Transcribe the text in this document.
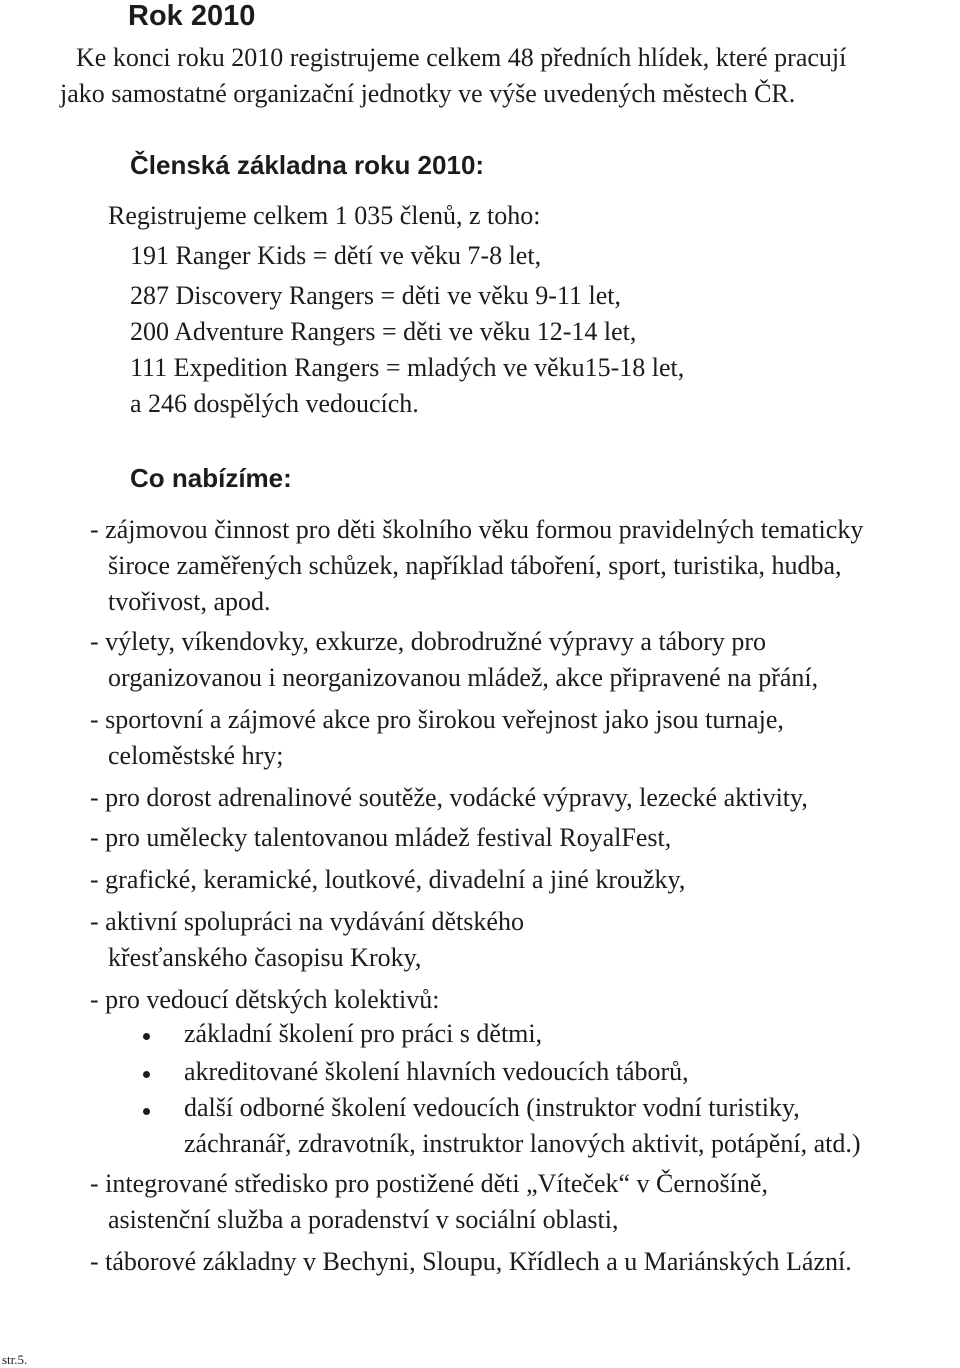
Rok 2010
Ke konci roku 2010 registrujeme celkem 48 předních hlídek, které pracují
jako samostatné organizační jednotky ve výše uvedených městech ČR.
Členská základna roku 2010:
Registrujeme celkem 1 035 členů, z toho:
191 Ranger Kids = dětí ve věku 7-8 let,
287 Discovery Rangers = děti ve věku 9-11 let,
200 Adventure Rangers = děti ve věku 12-14 let,
111 Expedition Rangers = mladých ve věku15-18 let,
a 246 dospělých vedoucích.
Co nabízíme:
- zájmovou činnost pro děti školního věku formou pravidelných tematicky
široce zaměřených schůzek, například táboření, sport, turistika, hudba,
tvořivost, apod.
- výlety, víkendovky, exkurze, dobrodružné výpravy a tábory pro
organizovanou i neorganizovanou mládež, akce připravené na přání,
- sportovní a zájmové akce pro širokou veřejnost jako jsou turnaje,
celoměstské hry;
- pro dorost adrenalinové soutěže, vodácké výpravy, lezecké aktivity,
- pro umělecky talentovanou mládež festival RoyalFest,
- grafické, keramické, loutkové, divadelní a jiné kroužky,
- aktivní spolupráci na vydávání dětského
křesťanského časopisu Kroky,
- pro vedoucí dětských kolektivů:
základní školení pro práci s dětmi,
akreditované školení hlavních vedoucích táborů,
další odborné školení vedoucích (instruktor vodní turistiky,
záchranář, zdravotník, instruktor lanových aktivit, potápění, atd.)
- integrované středisko pro postižené děti „Víteček“ v Černošíně,
asistenční služba a poradenství v sociální oblasti,
- táborové základny v Bechyni, Sloupu, Křídlech a u Mariánských Lázní.
str.5.
